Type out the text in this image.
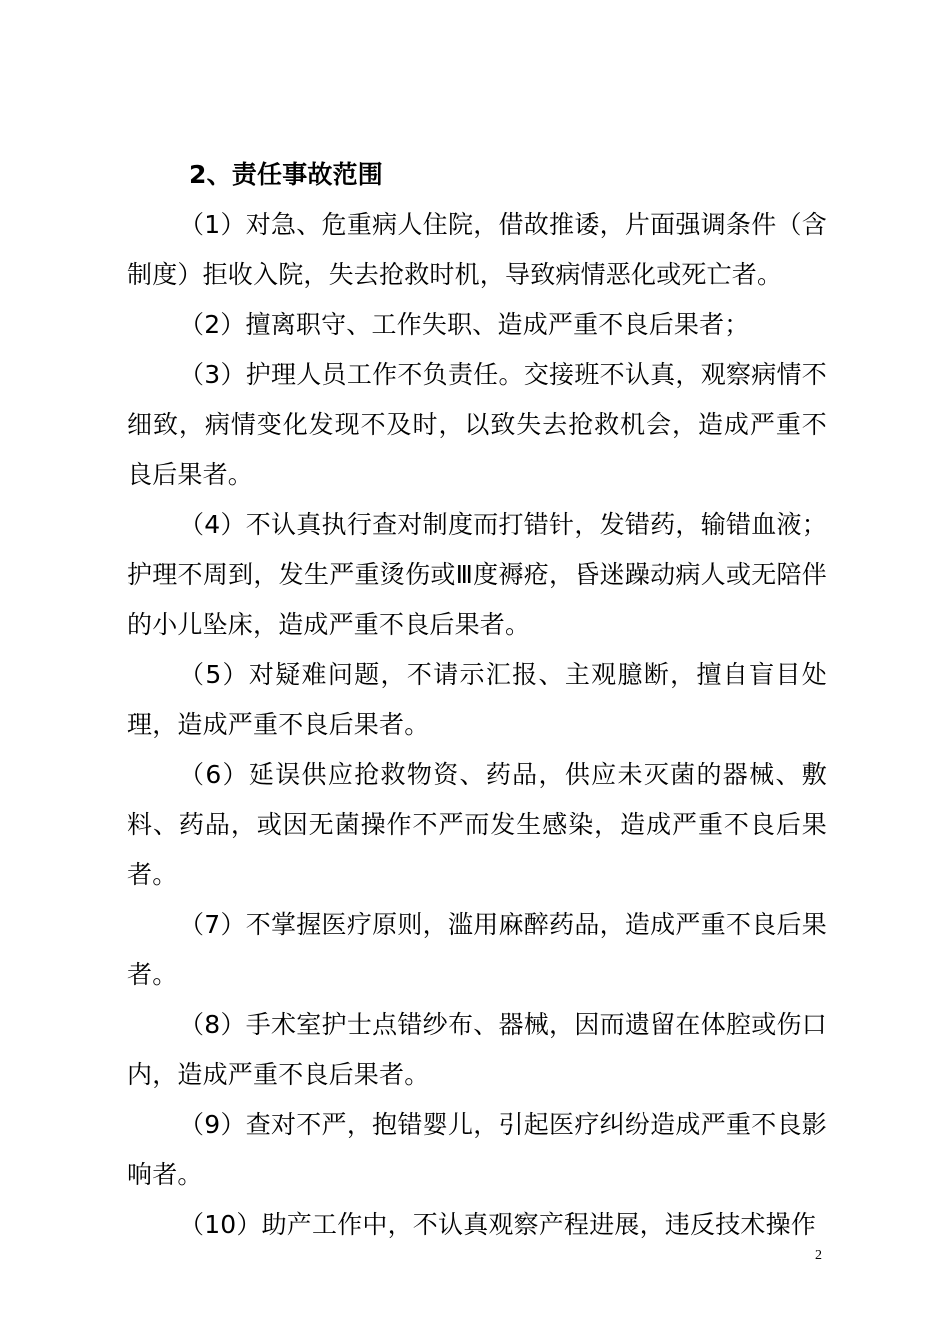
2、责任事故范围

（1）对急、危重病人住院，借故推诿，片面强调条件（含制度）拒收入院，失去抢救时机，导致病情恶化或死亡者。

（2）擅离职守、工作失职、造成严重不良后果者；

（3）护理人员工作不负责任。交接班不认真，观察病情不细致，病情变化发现不及时，以致失去抢救机会，造成严重不良后果者。

（4）不认真执行查对制度而打错针，发错药，输错血液；护理不周到，发生严重烫伤或Ⅲ度褥疮，昏迷躁动病人或无陪伴的小儿坠床，造成严重不良后果者。

（5）对疑难问题，不请示汇报、主观臆断，擅自盲目处理，造成严重不良后果者。

（6）延误供应抢救物资、药品，供应未灭菌的器械、敷料、药品，或因无菌操作不严而发生感染，造成严重不良后果者。

（7）不掌握医疗原则，滥用麻醉药品，造成严重不良后果者。

（8）手术室护士点错纱布、器械，因而遗留在体腔或伤口内，造成严重不良后果者。

（9）查对不严，抱错婴儿，引起医疗纠纷造成严重不良影响者。

（10）助产工作中，不认真观察产程进展，违反技术操作

2
